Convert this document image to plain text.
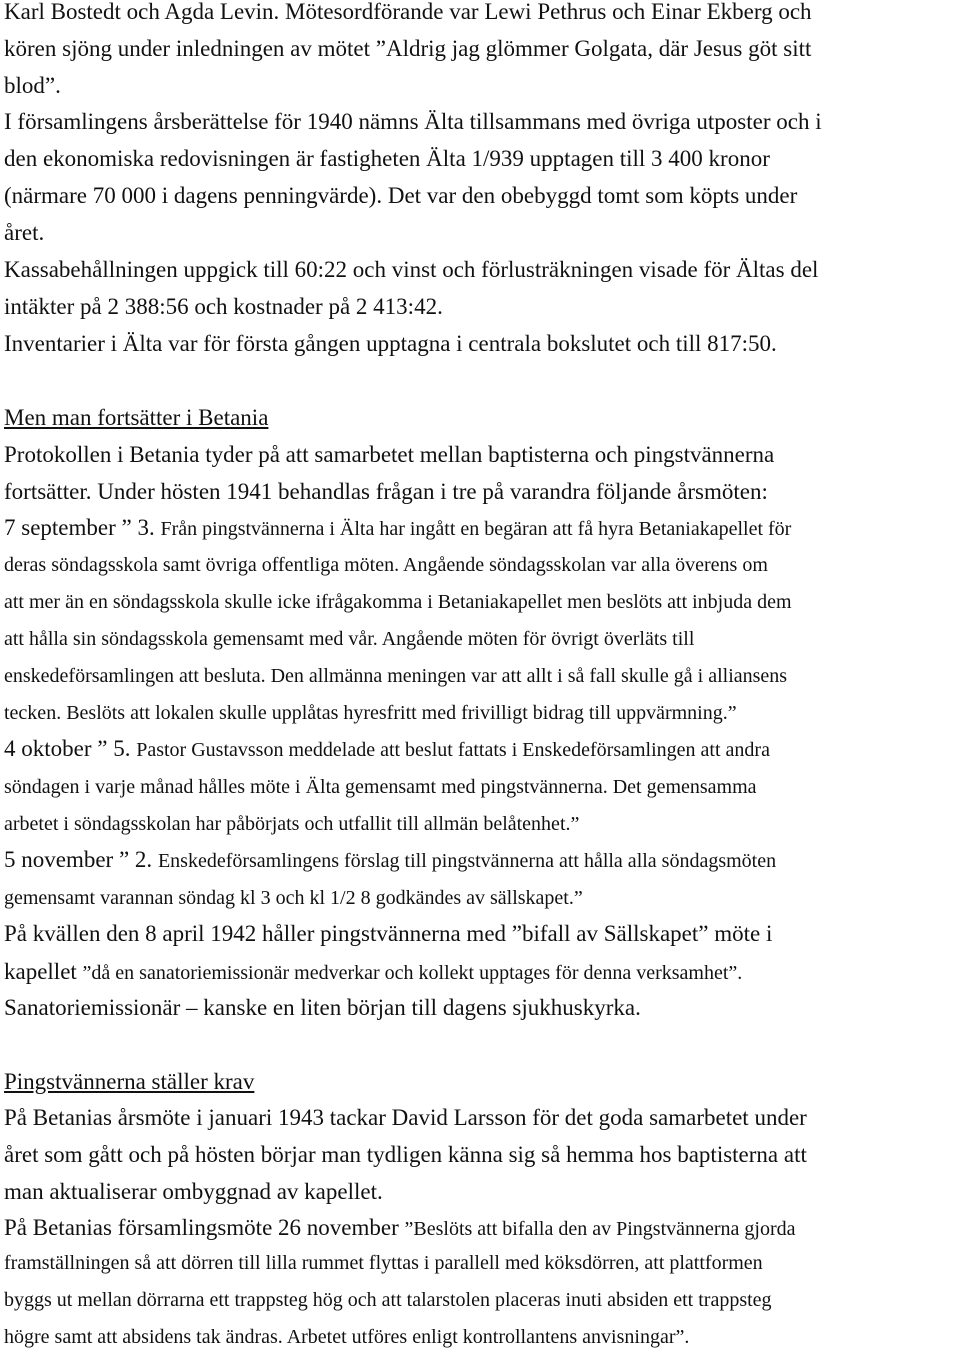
Karl Bostedt och Agda Levin. Mötesordförande var Lewi Pethrus och Einar Ekberg och
kören sjöng under inledningen av mötet ”Aldrig jag glömmer Golgata, där Jesus göt sitt
blod”.
I församlingens årsberättelse för 1940 nämns Älta tillsammans med övriga utposter och i
den ekonomiska redovisningen är fastigheten Älta 1/939 upptagen till 3 400 kronor
(närmare 70 000 i dagens penningvärde). Det var den obebyggd tomt som köpts under
året.
Kassabehållningen uppgick till 60:22 och vinst och förlusträkningen visade för Ältas del
intäkter på 2 388:56 och kostnader på 2 413:42.
Inventarier i Älta var för första gången upptagna i centrala bokslutet och till 817:50.
Men man fortsätter i Betania
Protokollen i Betania tyder på att samarbetet mellan baptisterna och pingstvännerna
fortsätter. Under hösten 1941 behandlas frågan i tre på varandra följande årsmöten:
7 september ” 3. Från pingstvännerna i Älta har ingått en begäran att få hyra Betaniakapellet för
deras söndagsskola samt övriga offentliga möten. Angående söndagsskolan var alla överens om
att mer än en söndagsskola skulle icke ifrågakomma i Betaniakapellet men beslöts att inbjuda dem
att hålla sin söndagsskola gemensamt med vår. Angående möten för övrigt överläts till
enskedeförsamlingen att besluta. Den allmänna meningen var att allt i så fall skulle gå i alliansens
tecken. Beslöts att lokalen skulle upplåtas hyresfritt med frivilligt bidrag till uppvärmning.”
4 oktober ” 5. Pastor Gustavsson meddelade att beslut fattats i Enskedeförsamlingen att andra
söndagen i varje månad hålles möte i Älta gemensamt med pingstvännerna. Det gemensamma
arbetet i söndagsskolan har påbörjats och utfallit till allmän belåtenhet.”
5 november ” 2. Enskedeförsamlingens förslag till pingstvännerna att hålla alla söndagsmöten
gemensamt varannan söndag kl 3 och kl 1/2 8 godkändes av sällskapet.”
På kvällen den 8 april 1942 håller pingstvännerna med ”bifall av Sällskapet” möte i
kapellet ”då en sanatoriemissionär medverkar och kollekt upptages för denna verksamhet”.
Sanatoriemissionär – kanske en liten början till dagens sjukhuskyrka.
Pingstvännerna ställer krav
På Betanias årsmöte i januari 1943 tackar David Larsson för det goda samarbetet under
året som gått och på hösten börjar man tydligen känna sig så hemma hos baptisterna att
man aktualiserar ombyggnad av kapellet.
På Betanias församlingsmöte 26 november ”Beslöts att bifalla den av Pingstvännerna gjorda
framställningen så att dörren till lilla rummet flyttas i parallell med köksdörren, att plattformen
byggs ut mellan dörrarna ett trappsteg hög och att talarstolen placeras inuti absiden ett trappsteg
högre samt att absidens tak ändras. Arbetet utföres enligt kontrollantens anvisningar”.
